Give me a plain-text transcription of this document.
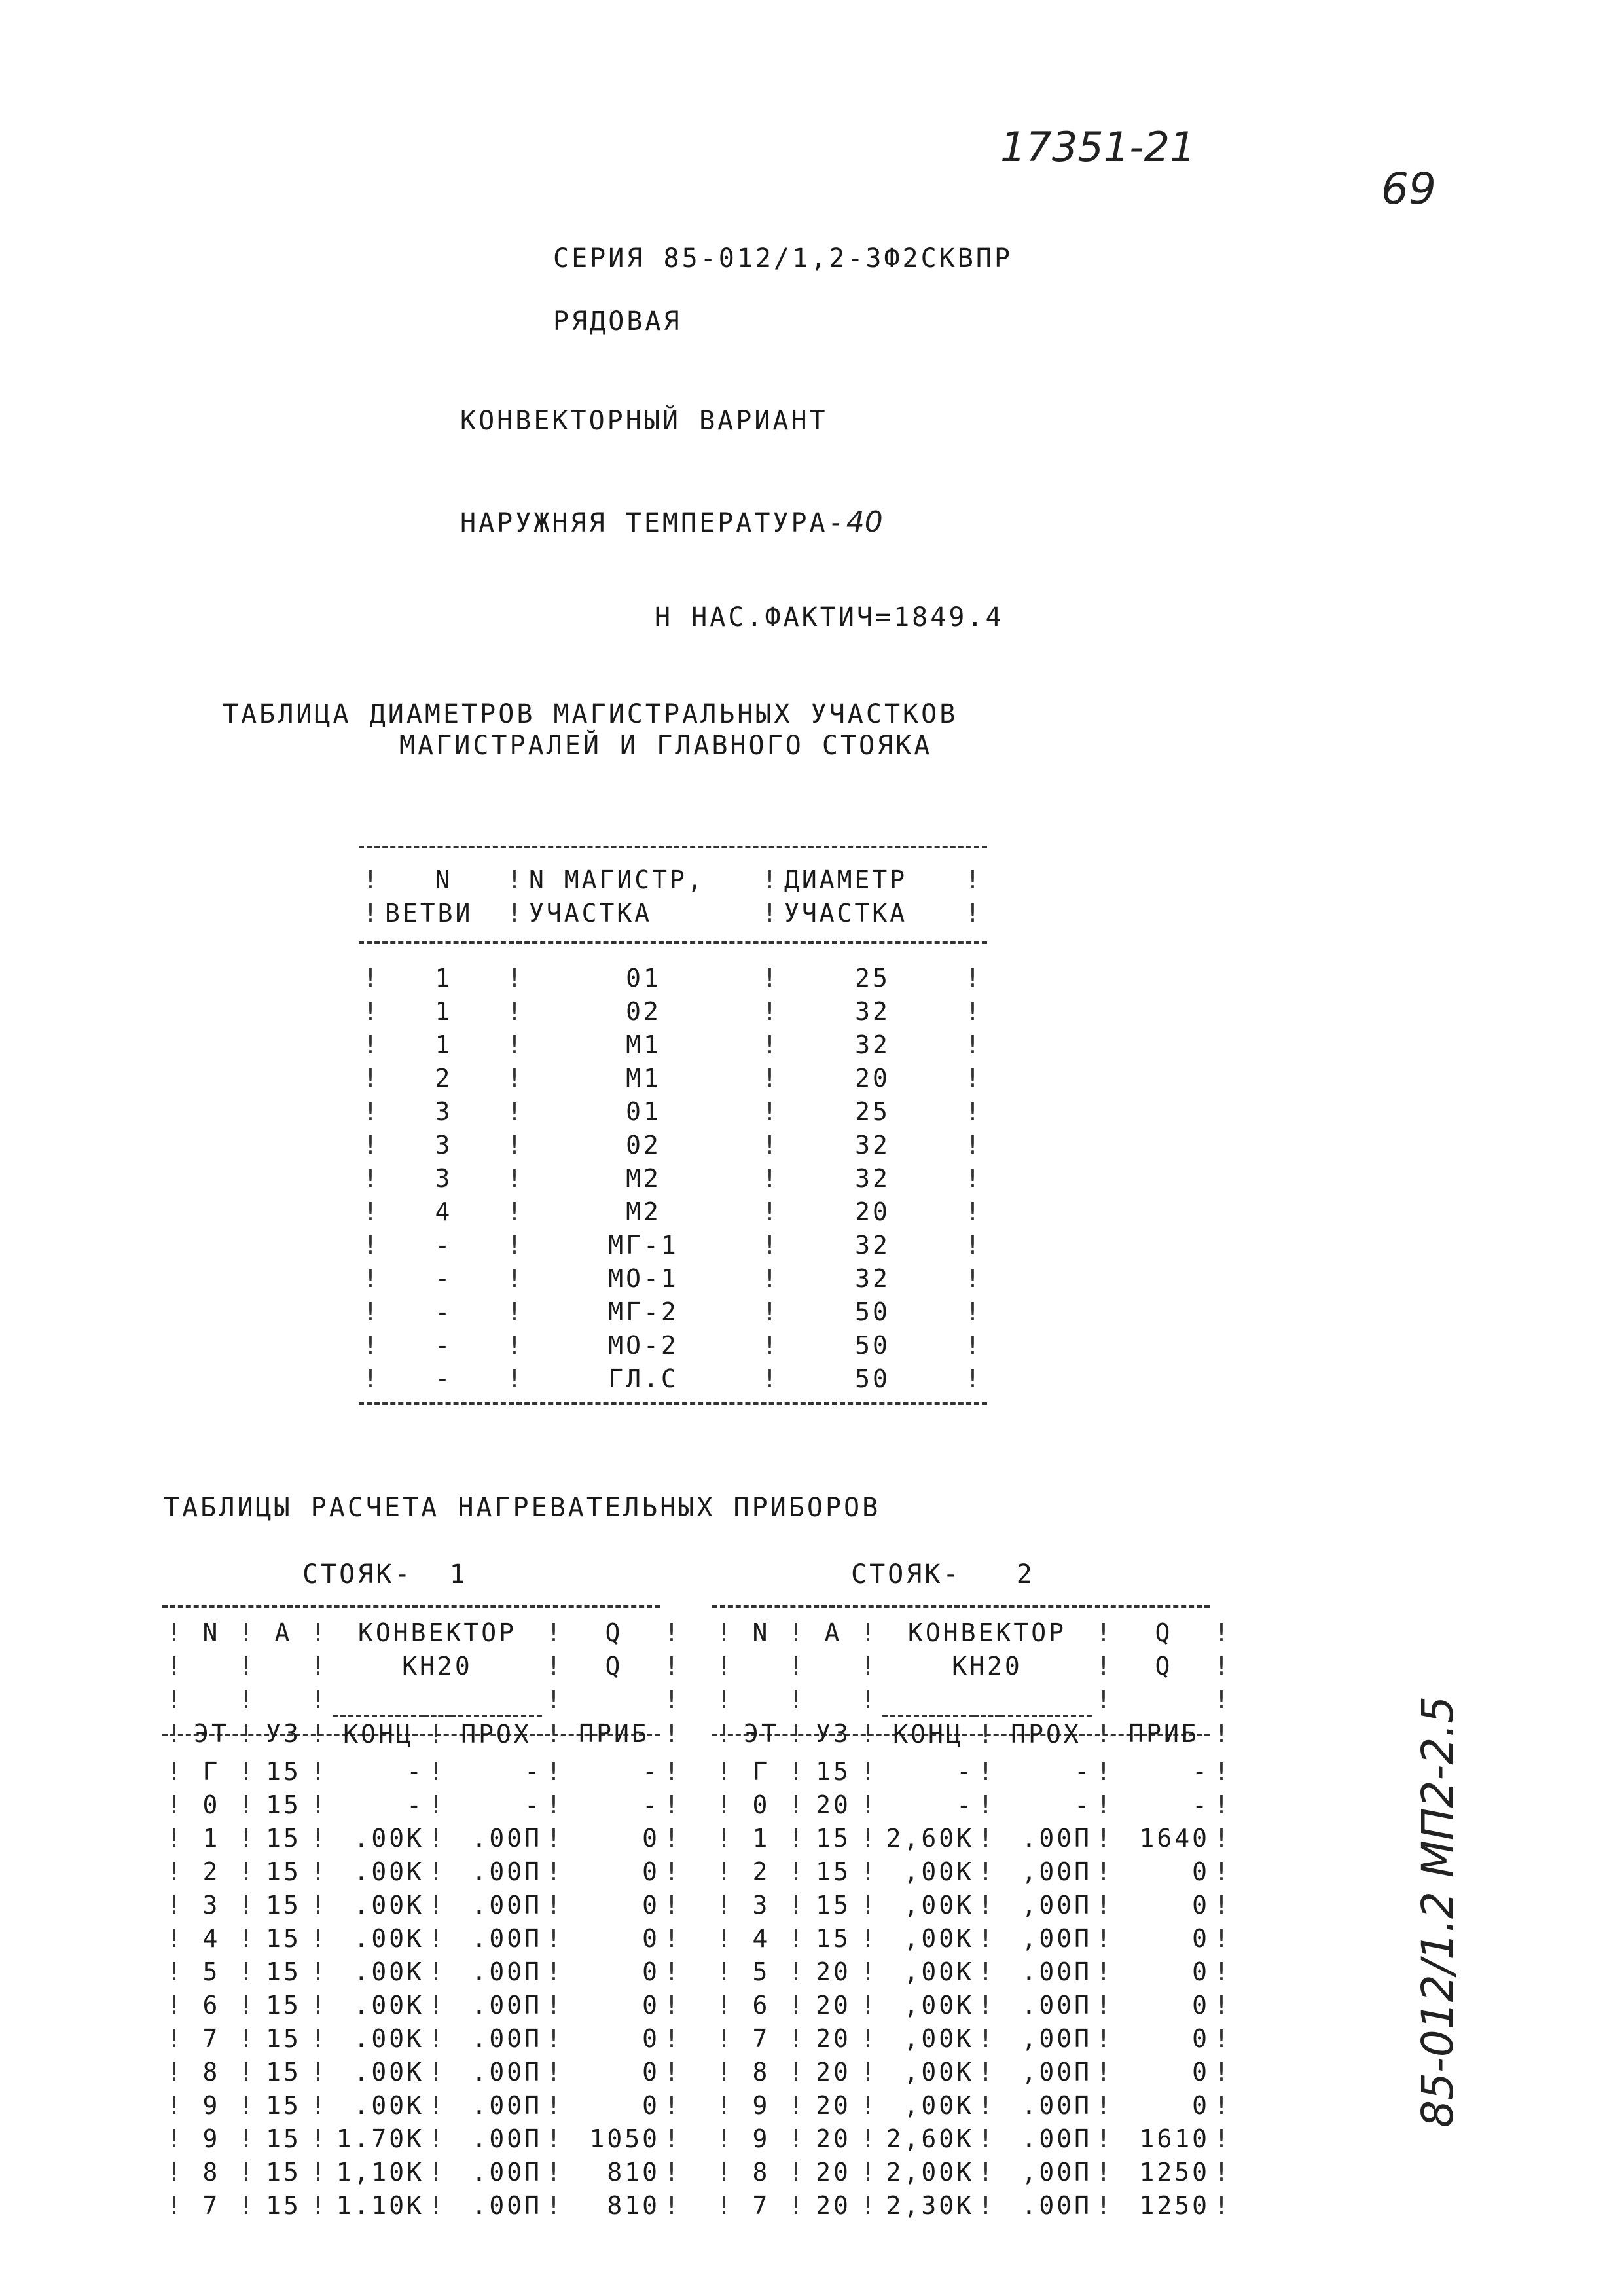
17351-21
69
85-012/1.2 МП2-2.5
СЕРИЯ 85-012/1,2-3Ф2СКВПР
РЯДОВАЯ
КОНВЕКТОРНЫЙ ВАРИАНТ
НАРУЖНЯЯ ТЕМПЕРАТУРА-40
Н НАС.ФАКТИЧ=1849.4
ТАБЛИЦА ДИАМЕТРОВ МАГИСТРАЛЬНЫХ УЧАСТКОВ
МАГИСТРАЛЕЙ И ГЛАВНОГО СТОЯКА
!	N	!	N МАГИСТР,	!	ДИАМЕТР	!
!	ВЕТВИ	!	УЧАСТКА	!	УЧАСТКА	!
!	1	!	01	!	25	!
!	1	!	02	!	32	!
!	1	!	М1	!	32	!
!	2	!	М1	!	20	!
!	3	!	01	!	25	!
!	3	!	02	!	32	!
!	3	!	М2	!	32	!
!	4	!	М2	!	20	!
!	-	!	МГ-1	!	32	!
!	-	!	МО-1	!	32	!
!	-	!	МГ-2	!	50	!
!	-	!	МО-2	!	50	!
!	-	!	ГЛ.С	!	50	!
ТАБЛИЦЫ РАСЧЕТА НАГРЕВАТЕЛЬНЫХ ПРИБОРОВ
СТОЯК-  1
!	N	!	А	!	КОНВЕКТОР			!	Q	!
!		!		!	КН20			!	Q	!
!		!		!				!		!
!	ЭТ	!	УЗ	!	КОНЦ	!	ПРОХ	!	ПРИБ	!
!	Г	!	15	!	-	!	-	!	-	!
!	0	!	15	!	-	!	-	!	-	!
!	1	!	15	!	.00К	!	.00П	!	0	!
!	2	!	15	!	.00К	!	.00П	!	0	!
!	3	!	15	!	.00К	!	.00П	!	0	!
!	4	!	15	!	.00К	!	.00П	!	0	!
!	5	!	15	!	.00К	!	.00П	!	0	!
!	6	!	15	!	.00К	!	.00П	!	0	!
!	7	!	15	!	.00К	!	.00П	!	0	!
!	8	!	15	!	.00К	!	.00П	!	0	!
!	9	!	15	!	.00К	!	.00П	!	0	!
!	9	!	15	!	1.70К	!	.00П	!	1050	!
!	8	!	15	!	1,10К	!	.00П	!	810	!
!	7	!	15	!	1.10К	!	.00П	!	810	!
СТОЯК-   2
!	N	!	А	!	КОНВЕКТОР			!	Q	!
!		!		!	КН20			!	Q	!
!		!		!				!		!
!	ЭТ	!	УЗ	!	КОНЦ	!	ПРОХ	!	ПРИБ	!
!	Г	!	15	!	-	!	-	!	-	!
!	0	!	20	!	-	!	-	!	-	!
!	1	!	15	!	2,60К	!	.00П	!	1640	!
!	2	!	15	!	,00К	!	,00П	!	0	!
!	3	!	15	!	,00К	!	,00П	!	0	!
!	4	!	15	!	,00К	!	,00П	!	0	!
!	5	!	20	!	,00К	!	.00П	!	0	!
!	6	!	20	!	,00К	!	.00П	!	0	!
!	7	!	20	!	,00К	!	,00П	!	0	!
!	8	!	20	!	,00К	!	,00П	!	0	!
!	9	!	20	!	,00К	!	.00П	!	0	!
!	9	!	20	!	2,60К	!	.00П	!	1610	!
!	8	!	20	!	2,00К	!	,00П	!	1250	!
!	7	!	20	!	2,30К	!	.00П	!	1250	!
